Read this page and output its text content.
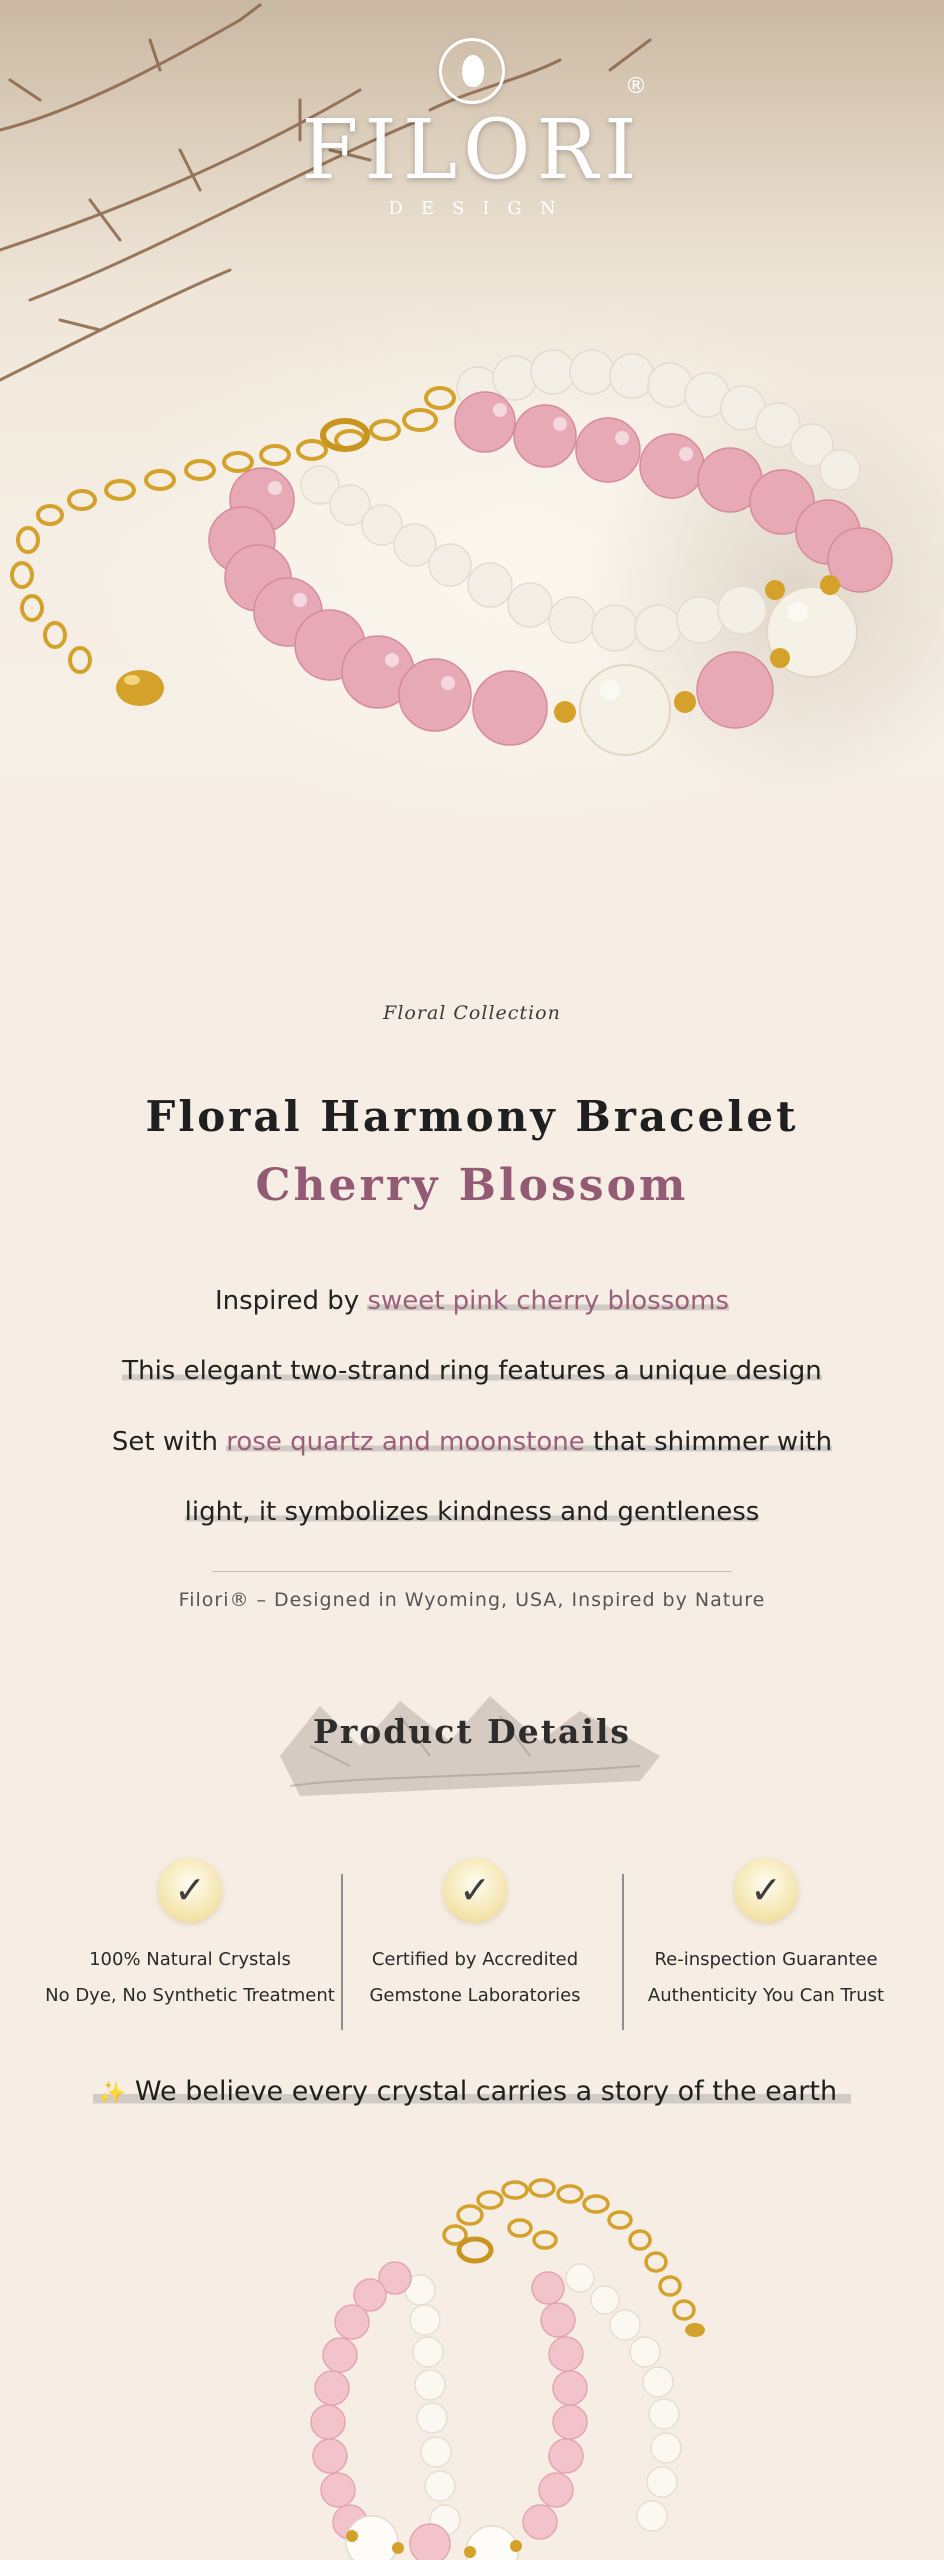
FILORI
DESIGN
®
Floral Collection
Floral Harmony Bracelet
Cherry Blossom
Inspired by sweet pink cherry blossoms
This elegant two-strand ring features a unique design
Set with rose quartz and moonstone that shimmer with
light, it symbolizes kindness and gentleness
Filori® – Designed in Wyoming, USA, Inspired by Nature
Product Details
✓
100% Natural Crystals
No Dye, No Synthetic Treatment
✓
Certified by Accredited
Gemstone Laboratories
✓
Re-inspection Guarantee
Authenticity You Can Trust
✨ We believe every crystal carries a story of the earth
